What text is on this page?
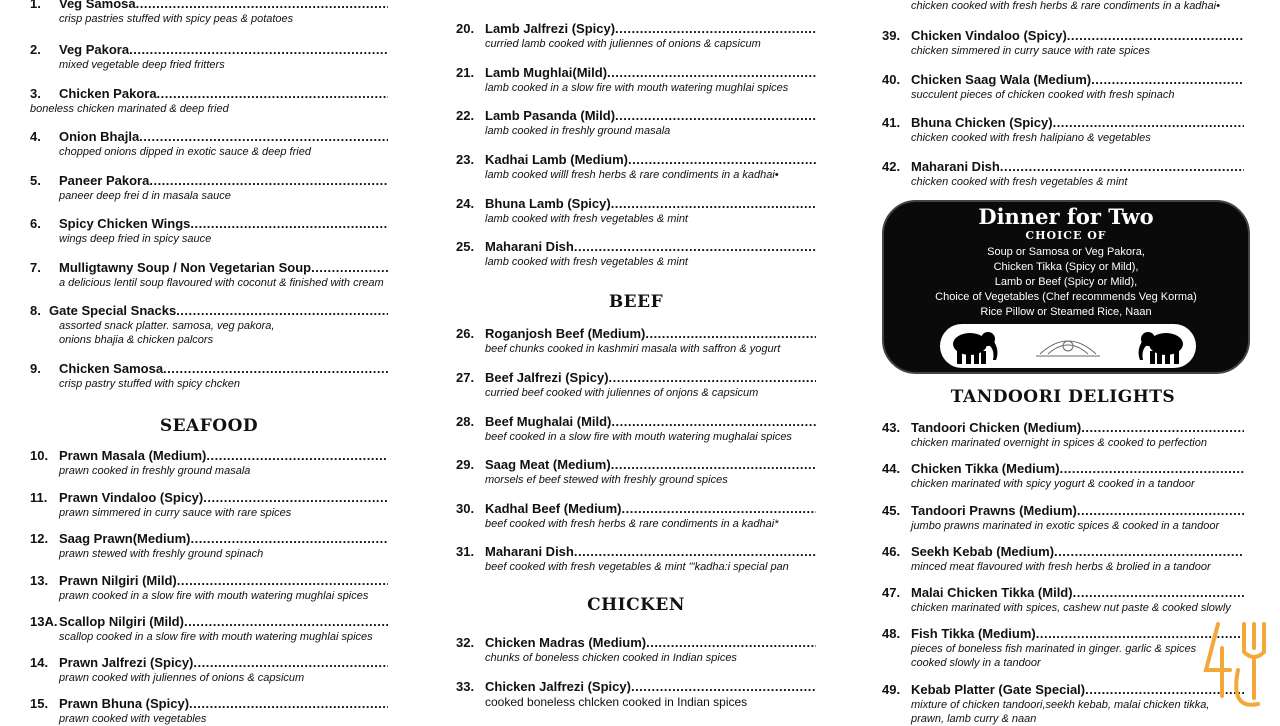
1.	Veg Samosa
.....
crisp pastries stuffed with spicy peas & potatoes
2.	Veg Pakora
.....
mixed vegetable deep fried fritters
3.	Chicken Pakora
.....
boneless chicken marinated & deep fried
4.	Onion Bhajla
.....
chopped onions dipped in exotic sauce & deep fried
5.	Paneer Pakora
.....
paneer deep frei d in masala sauce
6.	Spicy Chicken Wings
.....
wings deep fried in spicy sauce
7.	Mulligtawny Soup / Non Vegetarian Soup
.....
a delicious lentil soup flavoured with coconut & finished with cream
8. Gate Special Snacks
.....
assorted snack platter. samosa, veg pakora,
onions bhajia & chicken palcors
9.	Chicken Samosa
.....
crisp pastry stuffed with spicy chcken
10. Prawn Masala (Medium)
.....
prawn cooked in freshly ground masala
11. Prawn Vindaloo (Spicy)
.....
prawn simmered in curry sauce with rare spices
12. Saag Prawn(Medium)
.....
prawn stewed with freshly ground spinach
13. Prawn Nilgiri (Mild)
.....
prawn cooked in a slow fire with mouth watering mughlai spices
13A. Scallop Nilgiri (Mild)
.....
scallop cooked in a slow fire with mouth watering mughlai spices
14. Prawn Jalfrezi (Spicy)
.....
prawn cooked with juliennes of onions & capsicum
15. Prawn Bhuna (Spicy)
.....
prawn cooked with vegetables
SEAFOOD
20. Lamb Jalfrezi (Spicy)
.....
curried lamb cooked with juliennes of onions & capsicum
21. Lamb Mughlai(Mild)
.....
lamb cooked in a slow fire with mouth watering mughlai spices
22. Lamb Pasanda (Mild)
.....
lamb cooked in freshly ground masala
23. Kadhai Lamb (Medium)
.....
lamb cooked willl fresh herbs & rare condiments in a kadhai•
24. Bhuna Lamb (Spicy)
.....
lamb cooked with fresh vegetables & mint
25. Maharani Dish
.....
lamb cooked with fresh vegetables & mint
26. Roganjosh Beef (Medium)
.....
beef chunks cooked in kashmiri masala with saffron & yogurt
27. Beef Jalfrezi (Spicy)
.....
curried beef cooked with juliennes of onjons & capsicum
28. Beef Mughalai (Mild)
.....
beef cooked in a slow fire with mouth watering mughalai spices
29. Saag Meat (Medium)
.....
morsels ef beef stewed with freshly ground spices
30. Kadhal Beef (Medium)
.....
beef cooked with fresh herbs & rare condiments in a kadhai*
31. Maharani Dish
.....
beef cooked with fresh vegetables & mint "'kadha:i special pan
32. Chicken Madras (Medium)
.....
chunks of boneless chicken cooked in Indian spices
33. Chicken Jalfrezi (Spicy)
.....
cooked boneless chlcken cooked in Indian spices
BEEF
CHICKEN
Dinner for Two
CHOICE OF
Soup or Samosa or Veg Pakora,
Chicken Tikka (Spicy or Mild),
Lamb or Beef (Spicy or Mild),
Choice of Vegetables (Chef recommends Veg Korma)
Rice Pillow or Steamed Rice, Naan
chicken cooked with fresh herbs & rare condiments in a kadhai•
39. Chicken Vindaloo (Spicy)
.....
chicken simmered in curry sauce with rate spices
40. Chicken Saag Wala (Medium)
.....
succulent pieces of chicken cooked with fresh spinach
41. Bhuna Chicken (Spicy)
.....
chicken cooked with fresh halipiano & vegetables
42. Maharani Dish
.....
chicken cooked with fresh vegetables & mint
43. Tandoori Chicken (Medium)
.....
chicken marinated overnight in spices & cooked to perfection
44. Chicken Tikka (Medium)
.....
chicken marinated with spicy yogurt & cooked in a tandoor
45. Tandoori Prawns (Medium)
.....
jumbo prawns marinated in exotic spices & cooked in a tandoor
46. Seekh Kebab (Medium)
.....
minced meat flavoured with fresh herbs & brolied in a tandoor
47. Malai Chicken Tikka (Mild)
.....
chicken marinated with spices, cashew nut paste & cooked slowly
48. Fish Tikka (Medium)
.....
pieces of boneless fish marinated in ginger. garlic & spices
cooked slowly in a tandoor
49. Kebab Platter (Gate Special)
.....
mixture of chicken tandoori,seekh kebab, malai chicken tikka,
prawn, lamb curry & naan
TANDOORI DELIGHTS
